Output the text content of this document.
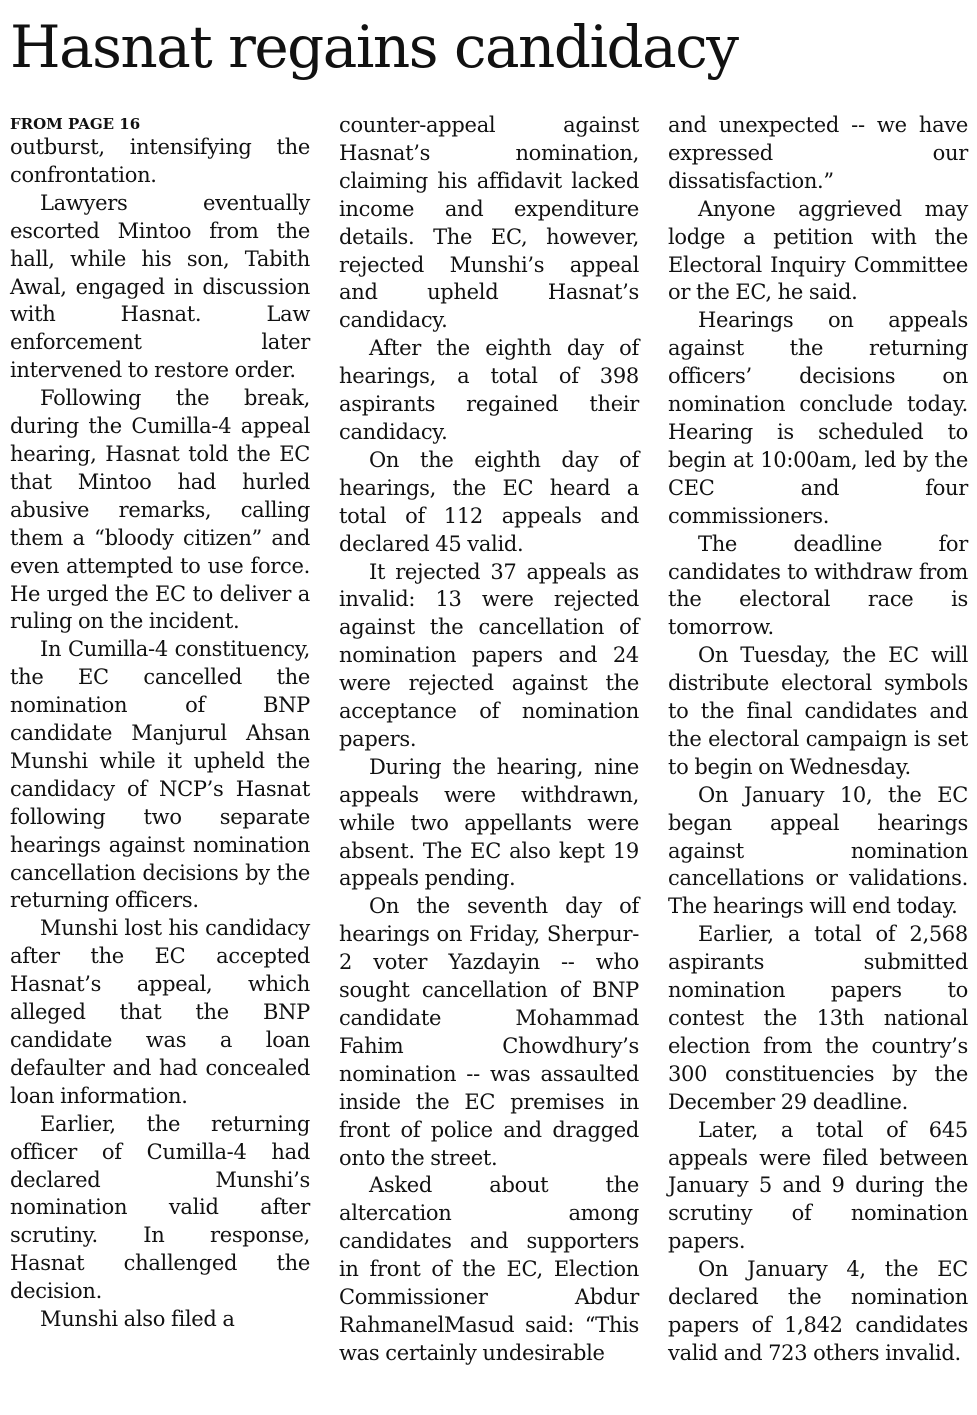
Hasnat regains candidacy
FROM PAGE 16

outburst, intensifying the confrontation.

Lawyers eventually escorted Mintoo from the hall, while his son, Tabith Awal, engaged in discussion with Hasnat. Law enforcement later intervened to restore order.

Following the break, during the Cumilla-4 appeal hearing, Hasnat told the EC that Mintoo had hurled abusive remarks, calling them a “bloody citizen” and even attempted to use force. He urged the EC to deliver a ruling on the incident.

In Cumilla-4 constituency, the EC cancelled the nomination of BNP candidate Manjurul Ahsan Munshi while it upheld the candidacy of NCP’s Hasnat following two separate hearings against nomination cancellation decisions by the returning officers.

Munshi lost his candidacy after the EC accepted Hasnat’s appeal, which alleged that the BNP candidate was a loan defaulter and had concealed loan information.

Earlier, the returning officer of Cumilla-4 had declared Munshi’s nomination valid after scrutiny. In response, Hasnat challenged the decision.

Munshi also filed a

counter-appeal against Hasnat’s nomination, claiming his affidavit lacked income and expenditure details. The EC, however, rejected Munshi’s appeal and upheld Hasnat’s candidacy.

After the eighth day of hearings, a total of 398 aspirants regained their candidacy.

On the eighth day of hearings, the EC heard a total of 112 appeals and declared 45 valid.

It rejected 37 appeals as invalid: 13 were rejected against the cancellation of nomination papers and 24 were rejected against the acceptance of nomination papers.

During the hearing, nine appeals were withdrawn, while two appellants were absent. The EC also kept 19 appeals pending.

On the seventh day of hearings on Friday, Sherpur-2 voter Yazdayin -- who sought cancellation of BNP candidate Mohammad Fahim Chowdhury’s nomination -- was assaulted inside the EC premises in front of police and dragged onto the street.

Asked about the altercation among candidates and supporters in front of the EC, Election Commissioner Abdur RahmanelMasud said: “This was certainly undesirable

and unexpected -- we have expressed our dissatisfaction.”

Anyone aggrieved may lodge a petition with the Electoral Inquiry Committee or the EC, he said.

Hearings on appeals against the returning officers’ decisions on nomination conclude today. Hearing is scheduled to begin at 10:00am, led by the CEC and four commissioners.

The deadline for candidates to withdraw from the electoral race is tomorrow.

On Tuesday, the EC will distribute electoral symbols to the final candidates and the electoral campaign is set to begin on Wednesday.

On January 10, the EC began appeal hearings against nomination cancellations or validations. The hearings will end today.

Earlier, a total of 2,568 aspirants submitted nomination papers to contest the 13th national election from the country’s 300 constituencies by the December 29 deadline.

Later, a total of 645 appeals were filed between January 5 and 9 during the scrutiny of nomination papers.

On January 4, the EC declared the nomination papers of 1,842 candidates valid and 723 others invalid.
